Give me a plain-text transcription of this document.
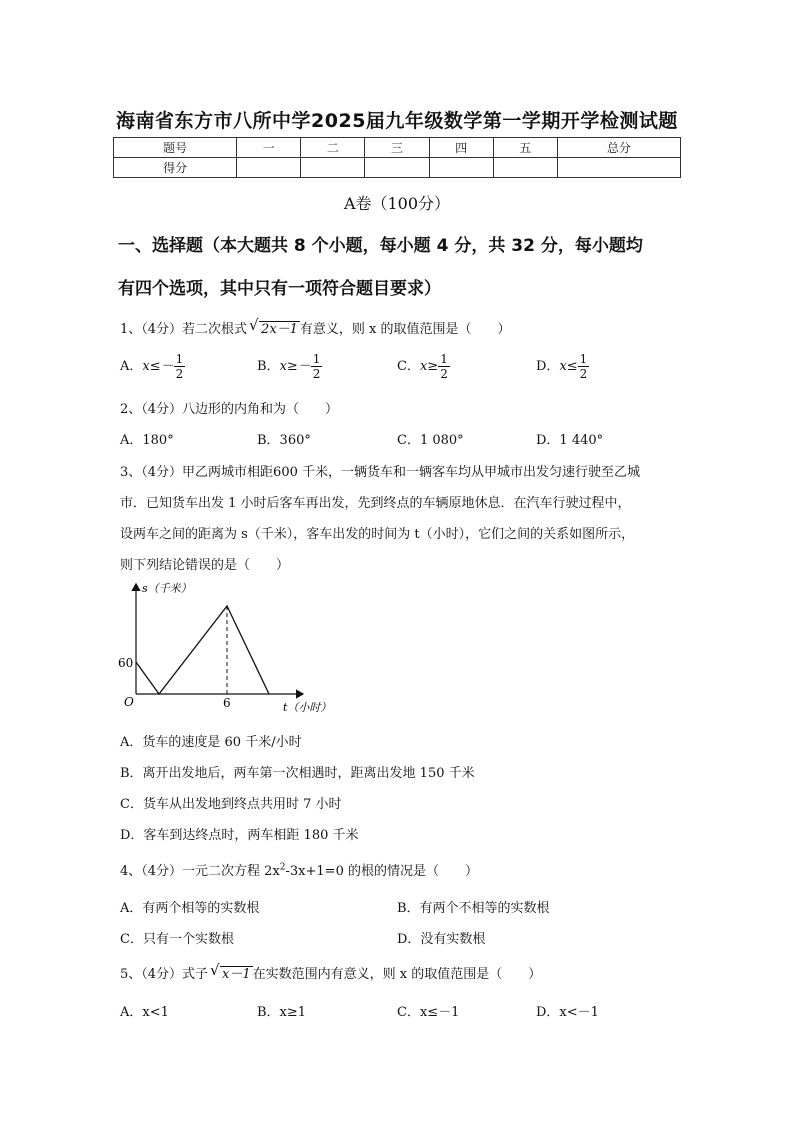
海南省东方市八所中学2025届九年级数学第一学期开学检测试题
题号	一	二	三	四	五	总分
得分						
A卷（100分）
一、选择题（本大题共 8 个小题，每小题 4 分，共 32 分，每小题均
有四个选项，其中只有一项符合题目要求）
1、（4分）若二次根式 √ 2x－1 有意义，则 x 的取值范围是（　　）
A．$x\le- \frac{1}{2}$	B．$x\ge- \frac{1}{2}$	C．$x\ge \frac{1}{2}$	D．$x\le \frac{1}{2}$
2、（4分）八边形的内角和为（　　）
A．180°	B．360°	C．1 080°	D．1 440°
3、（4分）甲乙两城市相距600 千米，一辆货车和一辆客车均从甲城市出发匀速行驶至乙城
市．已知货车出发 1 小时后客车再出发，先到终点的车辆原地休息．在汽车行驶过程中，
设两车之间的距离为 s（千米），客车出发的时间为 t（小时），它们之间的关系如图所示，
则下列结论错误的是（　　）
s（千米）
t（小时）
O
60
6
A．货车的速度是 60 千米/小时
B．离开出发地后，两车第一次相遇时，距离出发地 150 千米
C．货车从出发地到终点共用时 7 小时
D．客车到达终点时，两车相距 180 千米
4、（4分）一元二次方程 $2x^2-3x+1=0$ 的根的情况是（　　）
A．有两个相等的实数根	B．有两个不相等的实数根
C．只有一个实数根	D．没有实数根
5、（4分）式子 √ x－1 在实数范围内有意义，则 x 的取值范围是（　　）
A．x<1	B．x≥1	C．x≤－1	D．x<－1
